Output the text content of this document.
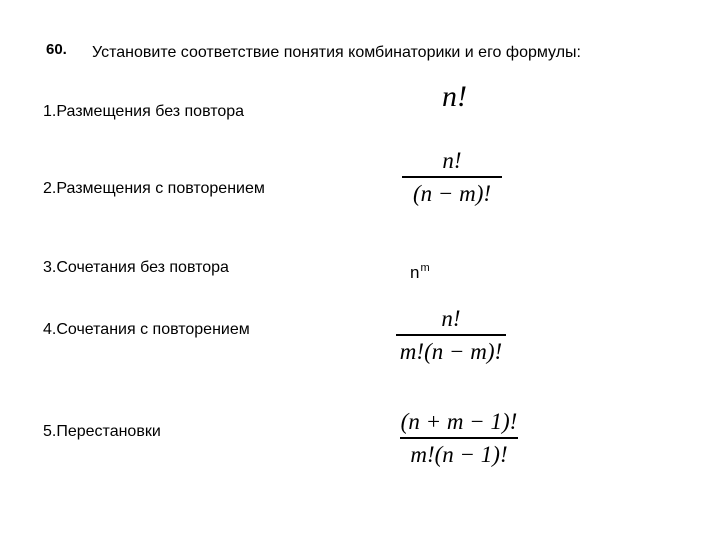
60. Установите соответствие понятия комбинаторики и его формулы:
1.Размещения без повтора
2.Размещения с повторением
3.Сочетания без повтора
4.Сочетания с повторением
5.Перестановки
n!
n!
(n − m)!
$n^m$
n!
m!(n − m)!
(n + m − 1)!
m!(n − 1)!
